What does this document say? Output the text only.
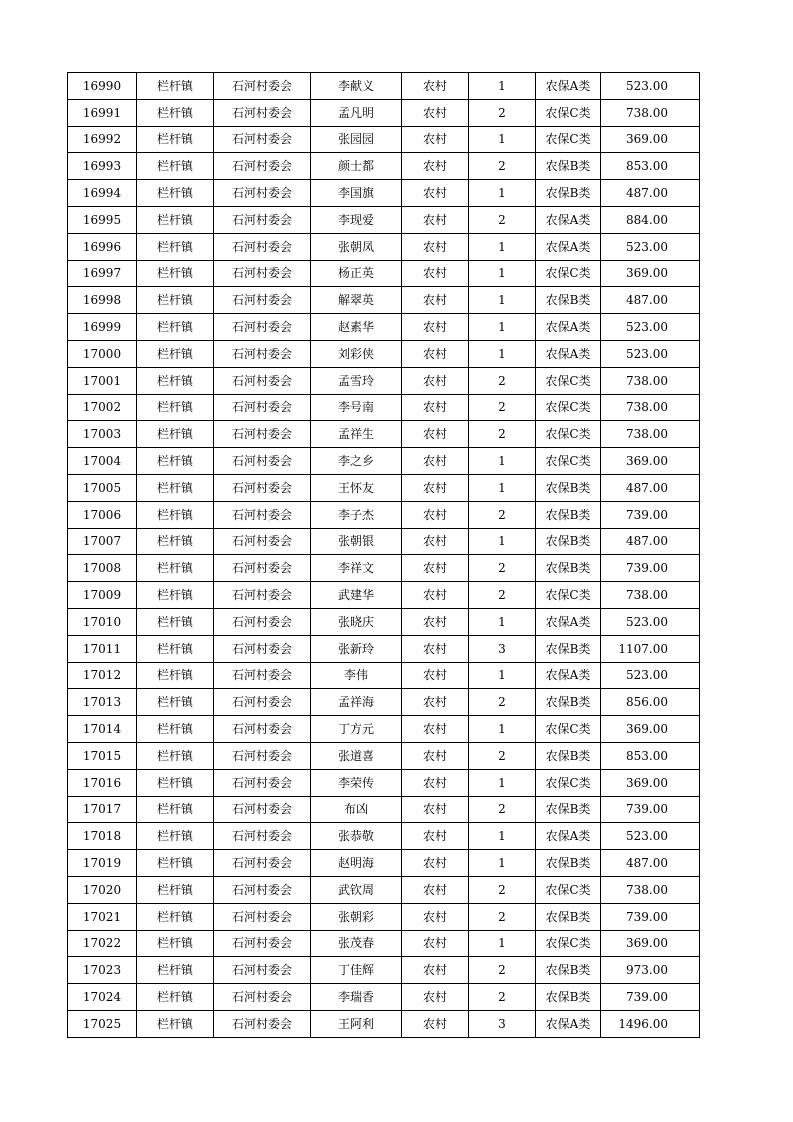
16990	栏杆镇	石河村委会	李献义	农村	1	农保A类	523.00
16991	栏杆镇	石河村委会	孟凡明	农村	2	农保C类	738.00
16992	栏杆镇	石河村委会	张园园	农村	1	农保C类	369.00
16993	栏杆镇	石河村委会	颜士都	农村	2	农保B类	853.00
16994	栏杆镇	石河村委会	李国旗	农村	1	农保B类	487.00
16995	栏杆镇	石河村委会	李现爱	农村	2	农保A类	884.00
16996	栏杆镇	石河村委会	张朝凤	农村	1	农保A类	523.00
16997	栏杆镇	石河村委会	杨正英	农村	1	农保C类	369.00
16998	栏杆镇	石河村委会	解翠英	农村	1	农保B类	487.00
16999	栏杆镇	石河村委会	赵素华	农村	1	农保A类	523.00
17000	栏杆镇	石河村委会	刘彩侠	农村	1	农保A类	523.00
17001	栏杆镇	石河村委会	孟雪玲	农村	2	农保C类	738.00
17002	栏杆镇	石河村委会	李号南	农村	2	农保C类	738.00
17003	栏杆镇	石河村委会	孟祥生	农村	2	农保C类	738.00
17004	栏杆镇	石河村委会	李之乡	农村	1	农保C类	369.00
17005	栏杆镇	石河村委会	王怀友	农村	1	农保B类	487.00
17006	栏杆镇	石河村委会	李子杰	农村	2	农保B类	739.00
17007	栏杆镇	石河村委会	张朝银	农村	1	农保B类	487.00
17008	栏杆镇	石河村委会	李祥文	农村	2	农保B类	739.00
17009	栏杆镇	石河村委会	武建华	农村	2	农保C类	738.00
17010	栏杆镇	石河村委会	张晓庆	农村	1	农保A类	523.00
17011	栏杆镇	石河村委会	张新玲	农村	3	农保B类	1107.00
17012	栏杆镇	石河村委会	李伟	农村	1	农保A类	523.00
17013	栏杆镇	石河村委会	孟祥海	农村	2	农保B类	856.00
17014	栏杆镇	石河村委会	丁方元	农村	1	农保C类	369.00
17015	栏杆镇	石河村委会	张道喜	农村	2	农保B类	853.00
17016	栏杆镇	石河村委会	李荣传	农村	1	农保C类	369.00
17017	栏杆镇	石河村委会	布凶	农村	2	农保B类	739.00
17018	栏杆镇	石河村委会	张恭敬	农村	1	农保A类	523.00
17019	栏杆镇	石河村委会	赵明海	农村	1	农保B类	487.00
17020	栏杆镇	石河村委会	武钦周	农村	2	农保C类	738.00
17021	栏杆镇	石河村委会	张朝彩	农村	2	农保B类	739.00
17022	栏杆镇	石河村委会	张茂春	农村	1	农保C类	369.00
17023	栏杆镇	石河村委会	丁佳辉	农村	2	农保B类	973.00
17024	栏杆镇	石河村委会	李瑞香	农村	2	农保B类	739.00
17025	栏杆镇	石河村委会	王阿利	农村	3	农保A类	1496.00
